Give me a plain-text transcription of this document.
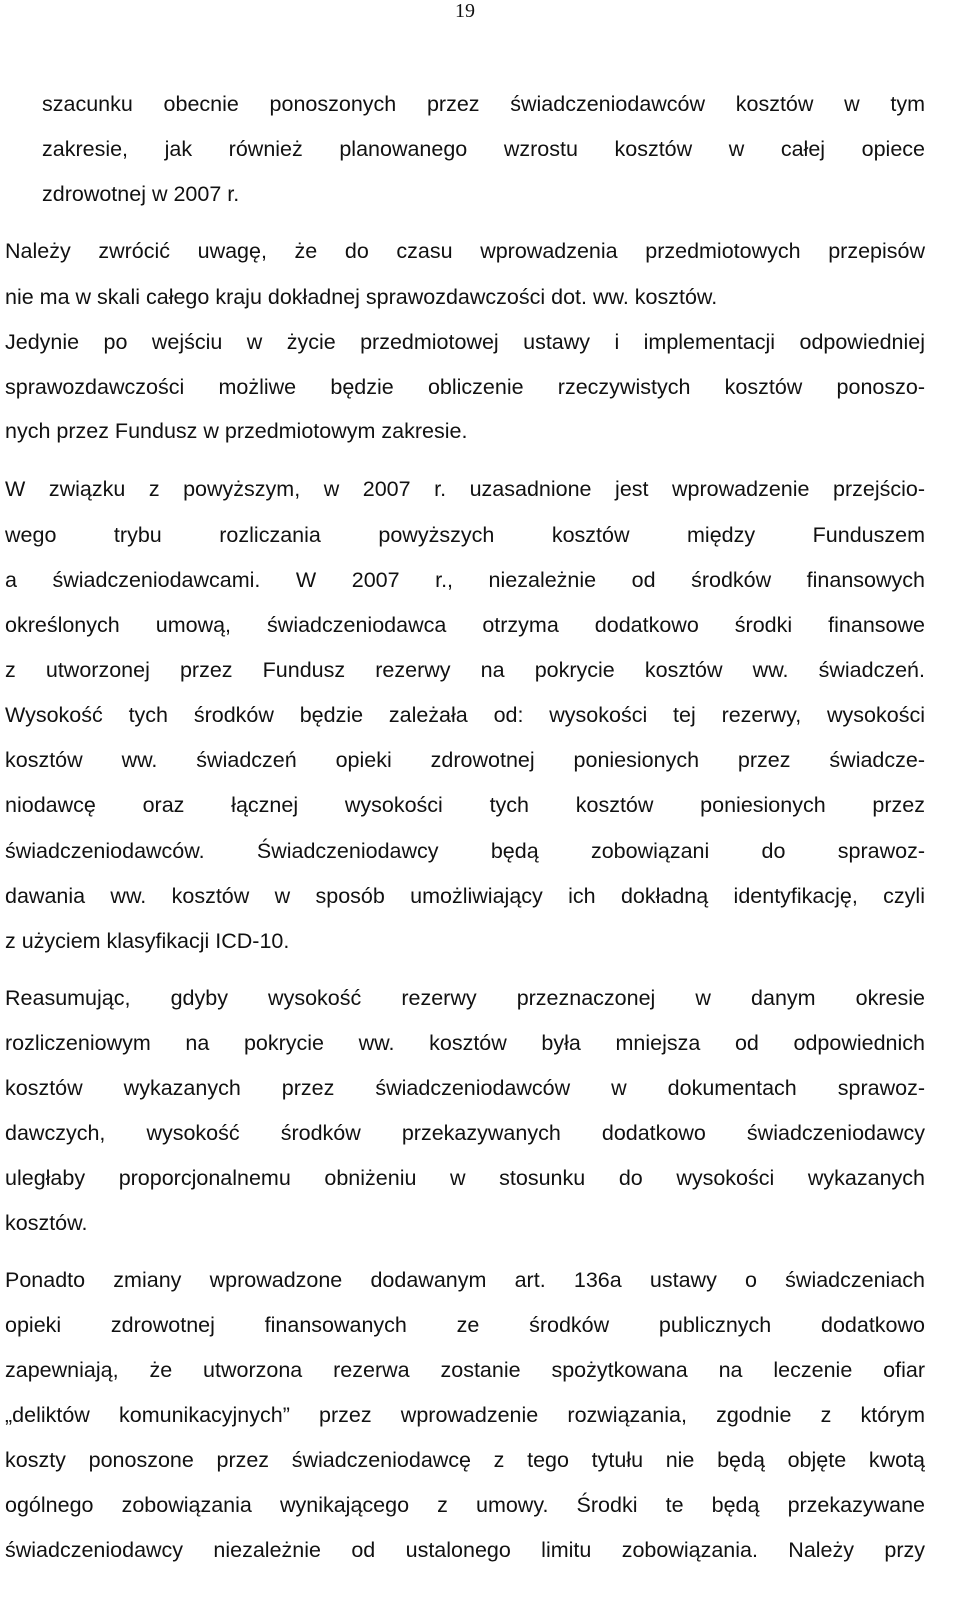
19
szacunku obecnie ponoszonych przez świadczeniodawców kosztów w tym
zakresie, jak również planowanego wzrostu kosztów w całej opiece
zdrowotnej w 2007 r.
Należy zwrócić uwagę, że do czasu wprowadzenia przedmiotowych przepisów
nie ma w skali całego kraju dokładnej sprawozdawczości dot. ww. kosztów.
Jedynie po wejściu w życie przedmiotowej ustawy i implementacji odpowiedniej
sprawozdawczości możliwe będzie obliczenie rzeczywistych kosztów ponoszo-
nych przez Fundusz w przedmiotowym zakresie.
W związku z powyższym, w 2007 r. uzasadnione jest wprowadzenie przejścio-
wego trybu rozliczania powyższych kosztów między Funduszem
a świadczeniodawcami. W 2007 r., niezależnie od środków finansowych
określonych umową, świadczeniodawca otrzyma dodatkowo środki finansowe
z utworzonej przez Fundusz rezerwy na pokrycie kosztów ww. świadczeń.
Wysokość tych środków będzie zależała od: wysokości tej rezerwy, wysokości
kosztów ww. świadczeń opieki zdrowotnej poniesionych przez świadcze-
niodawcę oraz łącznej wysokości tych kosztów poniesionych przez
świadczeniodawców. Świadczeniodawcy będą zobowiązani do sprawoz-
dawania ww. kosztów w sposób umożliwiający ich dokładną identyfikację, czyli
z użyciem klasyfikacji ICD-10.
Reasumując, gdyby wysokość rezerwy przeznaczonej w danym okresie
rozliczeniowym na pokrycie ww. kosztów była mniejsza od odpowiednich
kosztów wykazanych przez świadczeniodawców w dokumentach sprawoz-
dawczych, wysokość środków przekazywanych dodatkowo świadczeniodawcy
uległaby proporcjonalnemu obniżeniu w stosunku do wysokości wykazanych
kosztów.
Ponadto zmiany wprowadzone dodawanym art. 136a ustawy o świadczeniach
opieki zdrowotnej finansowanych ze środków publicznych dodatkowo
zapewniają, że utworzona rezerwa zostanie spożytkowana na leczenie ofiar
„deliktów komunikacyjnych” przez wprowadzenie rozwiązania, zgodnie z którym
koszty ponoszone przez świadczeniodawcę z tego tytułu nie będą objęte kwotą
ogólnego zobowiązania wynikającego z umowy. Środki te będą przekazywane
świadczeniodawcy niezależnie od ustalonego limitu zobowiązania. Należy przy
